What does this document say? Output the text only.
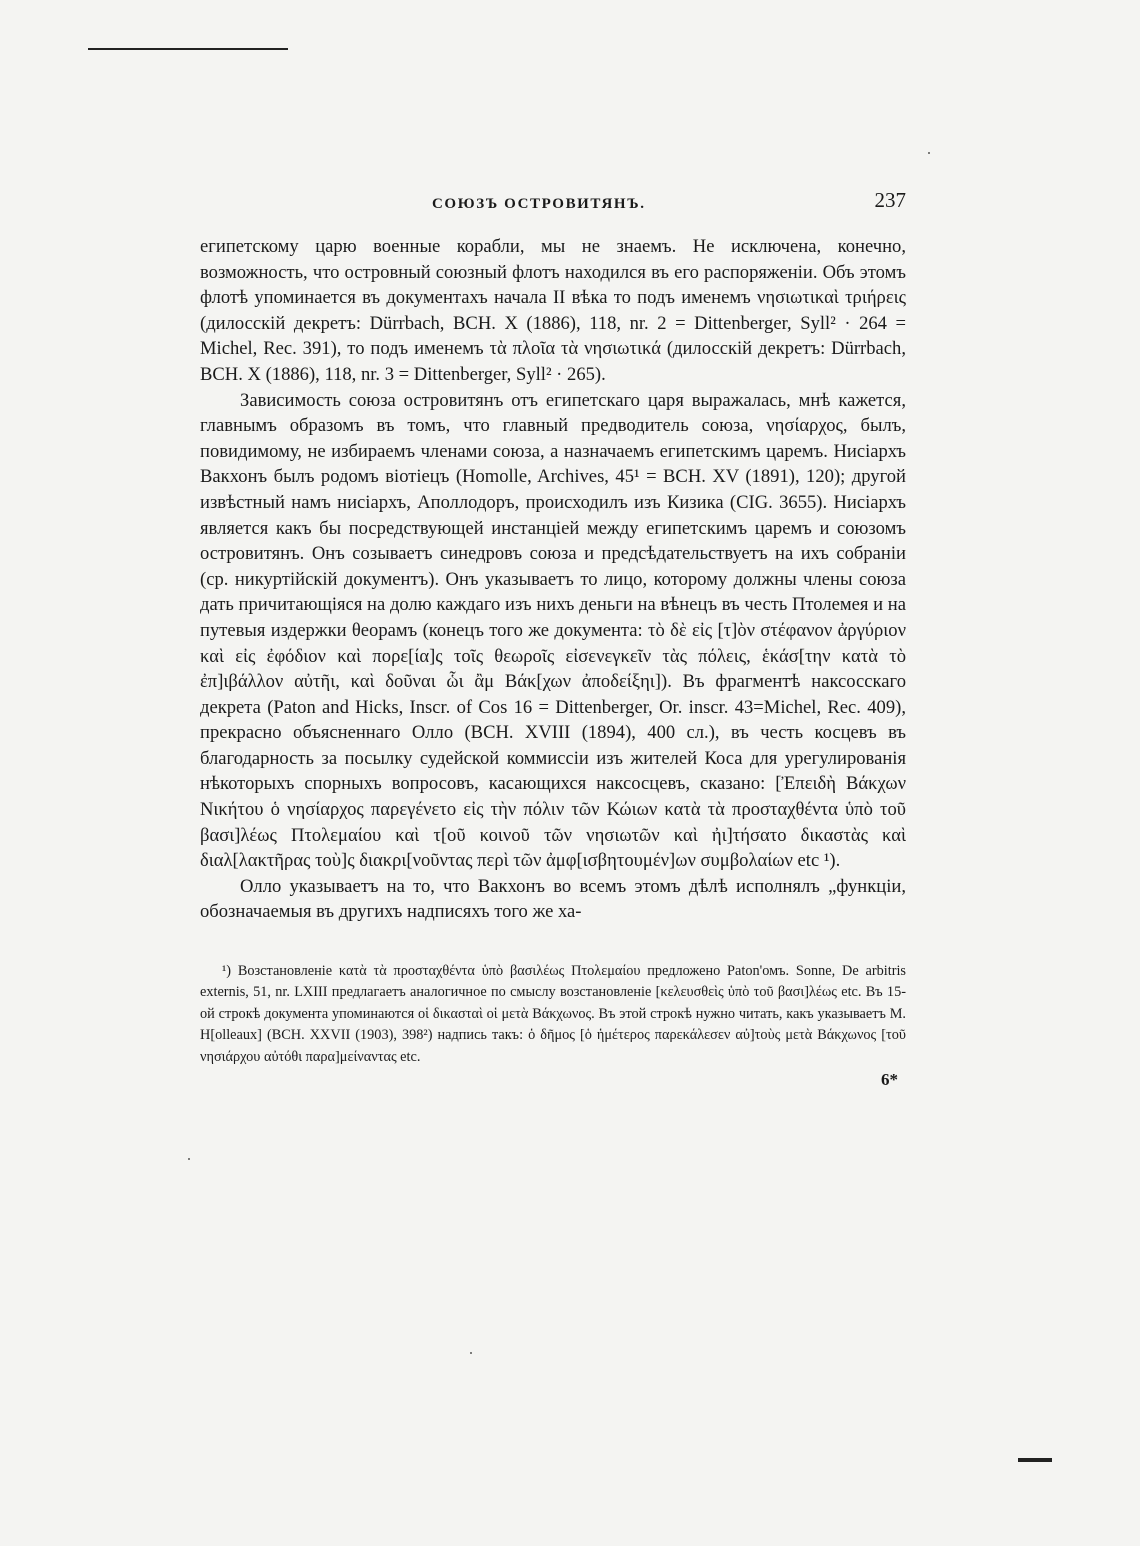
СОЮЗЪ ОСТРОВИТЯНЪ.	237

египетскому царю военные корабли, мы не знаемъ. Не исключена, конечно, возможность, что островный союзный флотъ находился въ его распоряженіи. Объ этомъ флотѣ упоминается въ документахъ начала II вѣка то подъ именемъ νησιωτικαὶ τριήρεις (дилосскій декретъ: Dürrbach, BCH. X (1886), 118, nr. 2 = Dittenberger, Syll² · 264 = Michel, Rec. 391), то подъ именемъ τὰ πλοῖα τὰ νησιωτικά (дилосскій декретъ: Dürrbach, BCH. X (1886), 118, nr. 3 = Dittenberger, Syll² · 265).

Зависимость союза островитянъ отъ египетскаго царя выражалась, мнѣ кажется, главнымъ образомъ въ томъ, что главный предводитель союза, νησίαρχος, былъ, повидимому, не избираемъ членами союза, а назначаемъ египетскимъ царемъ. Нисіархъ Вакхонъ былъ родомъ віотіецъ (Homolle, Archives, 45¹ = BCH. XV (1891), 120); другой извѣстный намъ нисіархъ, Аполлодоръ, происходилъ изъ Кизика (CIG. 3655). Нисіархъ является какъ бы посредствующей инстанціей между египетскимъ царемъ и союзомъ островитянъ. Онъ созываетъ синедровъ союза и предсѣдательствуетъ на ихъ собраніи (ср. никуртійскій документъ). Онъ указываетъ то лицо, которому должны члены союза дать причитающіяся на долю каждаго изъ нихъ деньги на вѣнецъ въ честь Птолемея и на путевыя издержки θеорамъ (конецъ того же документа: τὸ δὲ εἰς [τ]ὸν στέφανον ἀργύριον καὶ εἰς ἐφόδιον καὶ πορε[ία]ς τοῖς θεωροῖς εἰσενεγκεῖν τὰς πόλεις, ἑκάσ[την κατὰ τὸ ἐπ]ιβάλλον αὐτῆι, καὶ δοῦναι ὧι ἂμ Βάκ[χων ἀποδείξηι]). Въ фрагментѣ наксосскаго декрета (Paton and Hicks, Inscr. of Cos 16 = Dittenberger, Or. inscr. 43=Michel, Rec. 409), прекрасно объясненнаго Олло (BCH. XVIII (1894), 400 сл.), въ честь косцевъ въ благодарность за посылку судейской коммиссіи изъ жителей Коса для урегулированія нѣкоторыхъ спорныхъ вопросовъ, касающихся наксосцевъ, сказано: [Ἐπειδὴ Βάκχων Νικήτου ὁ νησίαρχος παρεγένετο εἰς τὴν πόλιν τῶν Κώιων κατὰ τὰ προσταχθέντα ὑπὸ τοῦ βασι]λέως Πτολεμαίου καὶ τ[οῦ κοινοῦ τῶν νησιωτῶν καὶ ἠι]τήσατο δικαστὰς καὶ διαλ[λακτῆρας τοὺ]ς διακρι[νοῦντας περὶ τῶν ἀμφ[ισβητουμέν]ων συμβολαίων etc ¹).

Олло указываетъ на то, что Вакхонъ во всемъ этомъ дѣлѣ исполнялъ „функціи, обозначаемыя въ другихъ надписяхъ того же ха-

¹) Возстановленіе κατὰ τὰ προσταχθέντα ὑπὸ βασιλέως Πτολεμαίου предложено Paton'омъ. Sonne, De arbitris externis, 51, nr. LXIII предлагаетъ аналогичное по смыслу возстановленіе [κελευσθεὶς ὑπὸ τοῦ βασι]λέως etc. Въ 15-ой строкѣ документа упоминаются οἱ δικασταὶ οἱ μετὰ Βάκχωνος. Въ этой строкѣ нужно читать, какъ указываетъ M. H[olleaux] (BCH. XXVII (1903), 398²) надпись такъ: ὁ δῆμος [ὁ ἡμέτερος παρεκάλεσεν αὐ]τοὺς μετὰ Βάκχωνος [τοῦ νησιάρχου αὐτόθι παρα]μείναντας etc.

6*
